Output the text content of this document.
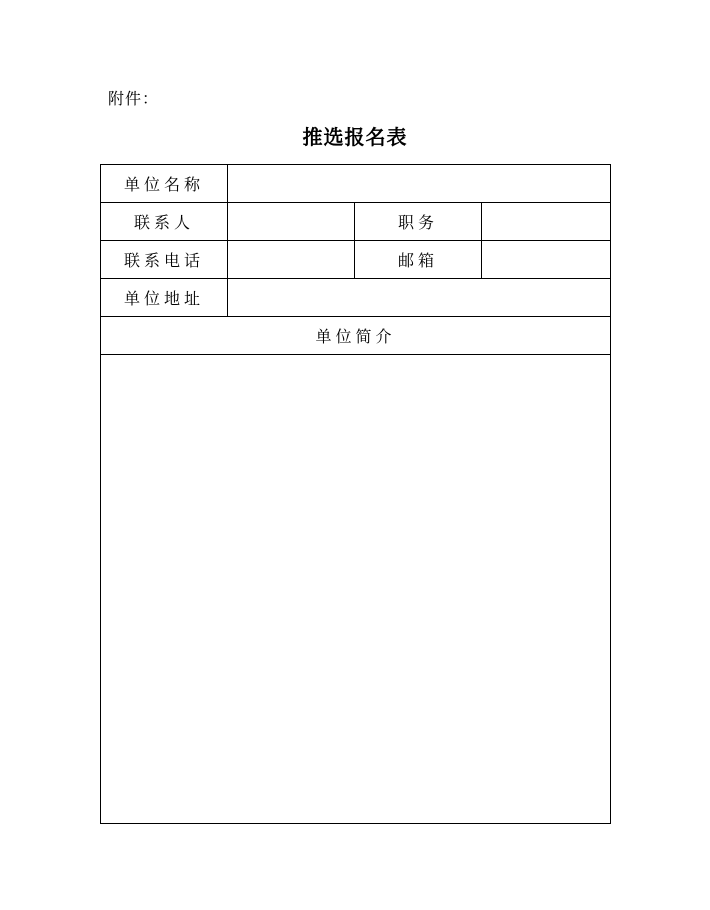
附件：
推选报名表
单位名称			
联系人		职务	
联系电话		邮箱	
单位地址			
单位简介			
